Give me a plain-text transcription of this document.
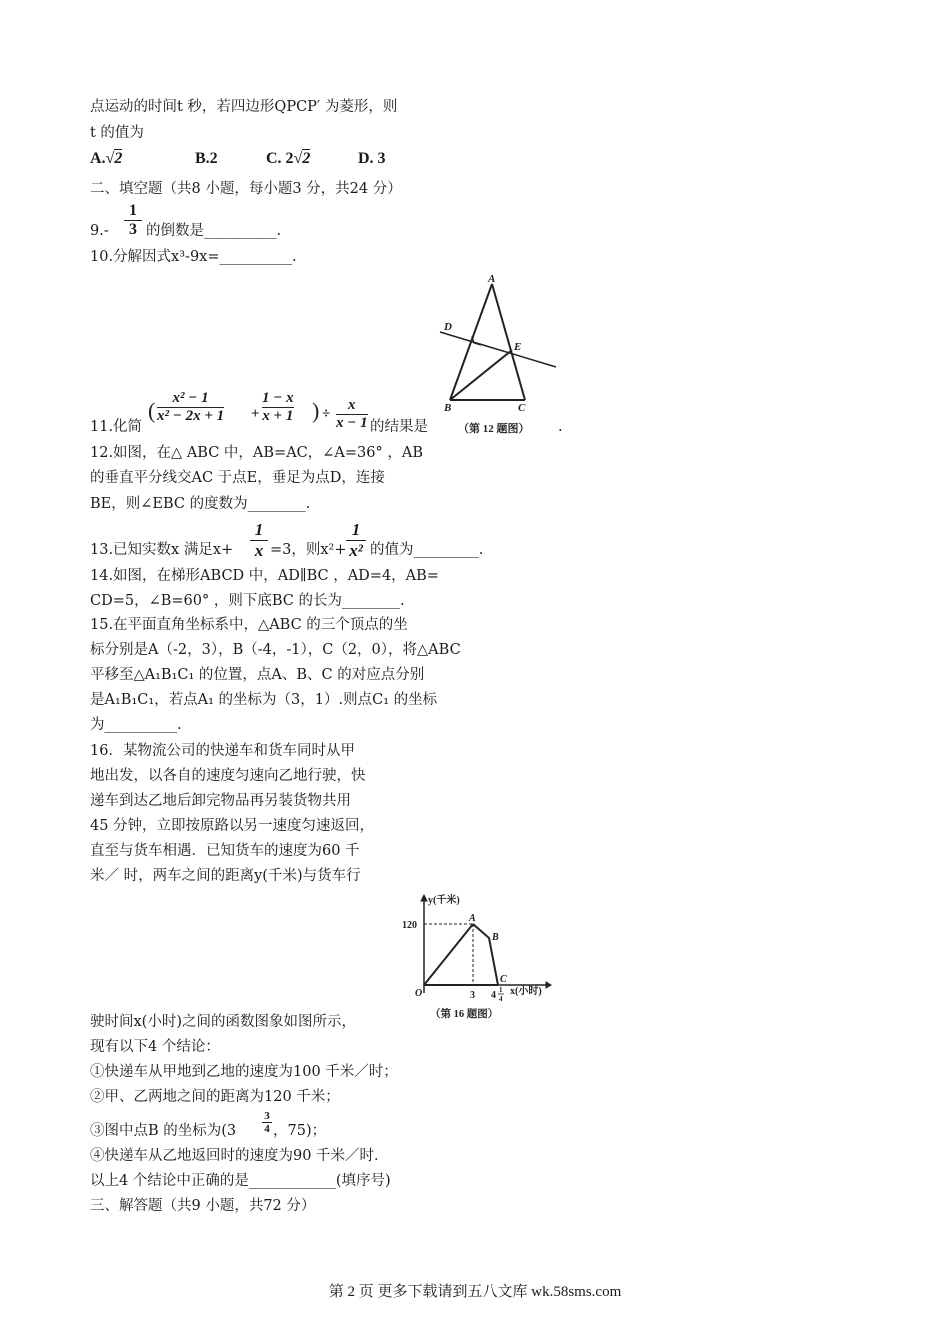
点运动的时间t 秒，若四边形QPCP′ 为菱形，则
t 的值为
A.√2	B.2	C. 2√2	D. 3
二、填空题（共8 小题，每小题3 分，共24 分）
9.-
1
3 的倒数是__________.
10.分解因式x³-9x=__________.
A
D
E
B	C
（第 12 题图）
11.化简
( x² − 1
x² − 2x + 1 +
1 − x
x + 1 ) ÷
x
x − 1 的结果是	.
12.如图，在△ ABC 中，AB=AC，∠A=36° ，AB
的垂直平分线交AC 于点E，垂足为点D，连接
BE，则∠EBC 的度数为________.
13.已知实数x 满足x+
1
x =3，则x²+
1
x² 的值为_________.
14.如图，在梯形ABCD 中，AD∥BC ，AD=4，AB=
CD=5，∠B=60° ，则下底BC 的长为________.
15.在平面直角坐标系中，△ABC 的三个顶点的坐
标分别是A（-2，3），B（-4，-1），C（2，0），将△ABC
平移至△A₁B₁C₁ 的位置，点A、B、C 的对应点分别
是A₁B₁C₁，若点A₁ 的坐标为（3，1）.则点C₁ 的坐标
为__________.
16．某物流公司的快递车和货车同时从甲
地出发，以各自的速度匀速向乙地行驶，快
递车到达乙地后卸完物品再另装货物共用
45 分钟，立即按原路以另一速度匀速返回，
直至与货车相遇．已知货车的速度为60 千
米／ 时，两车之间的距离y(千米)与货车行
y(千米)
x(小时)
120
O	3 4 1
4
A
B
C
（第 16 题图）
驶时间x(小时)之间的函数图象如图所示，
现有以下4 个结论：
①快递车从甲地到乙地的速度为100 千米／时；
②甲、乙两地之间的距离为120 千米；
③图中点B 的坐标为(3
3
4 ，75)；
④快递车从乙地返回时的速度为90 千米／时．
以上4 个结论中正确的是____________(填序号)
三、解答题（共9 小题，共72 分）
第 2 页 更多下载请到五八文库 wk.58sms.com
